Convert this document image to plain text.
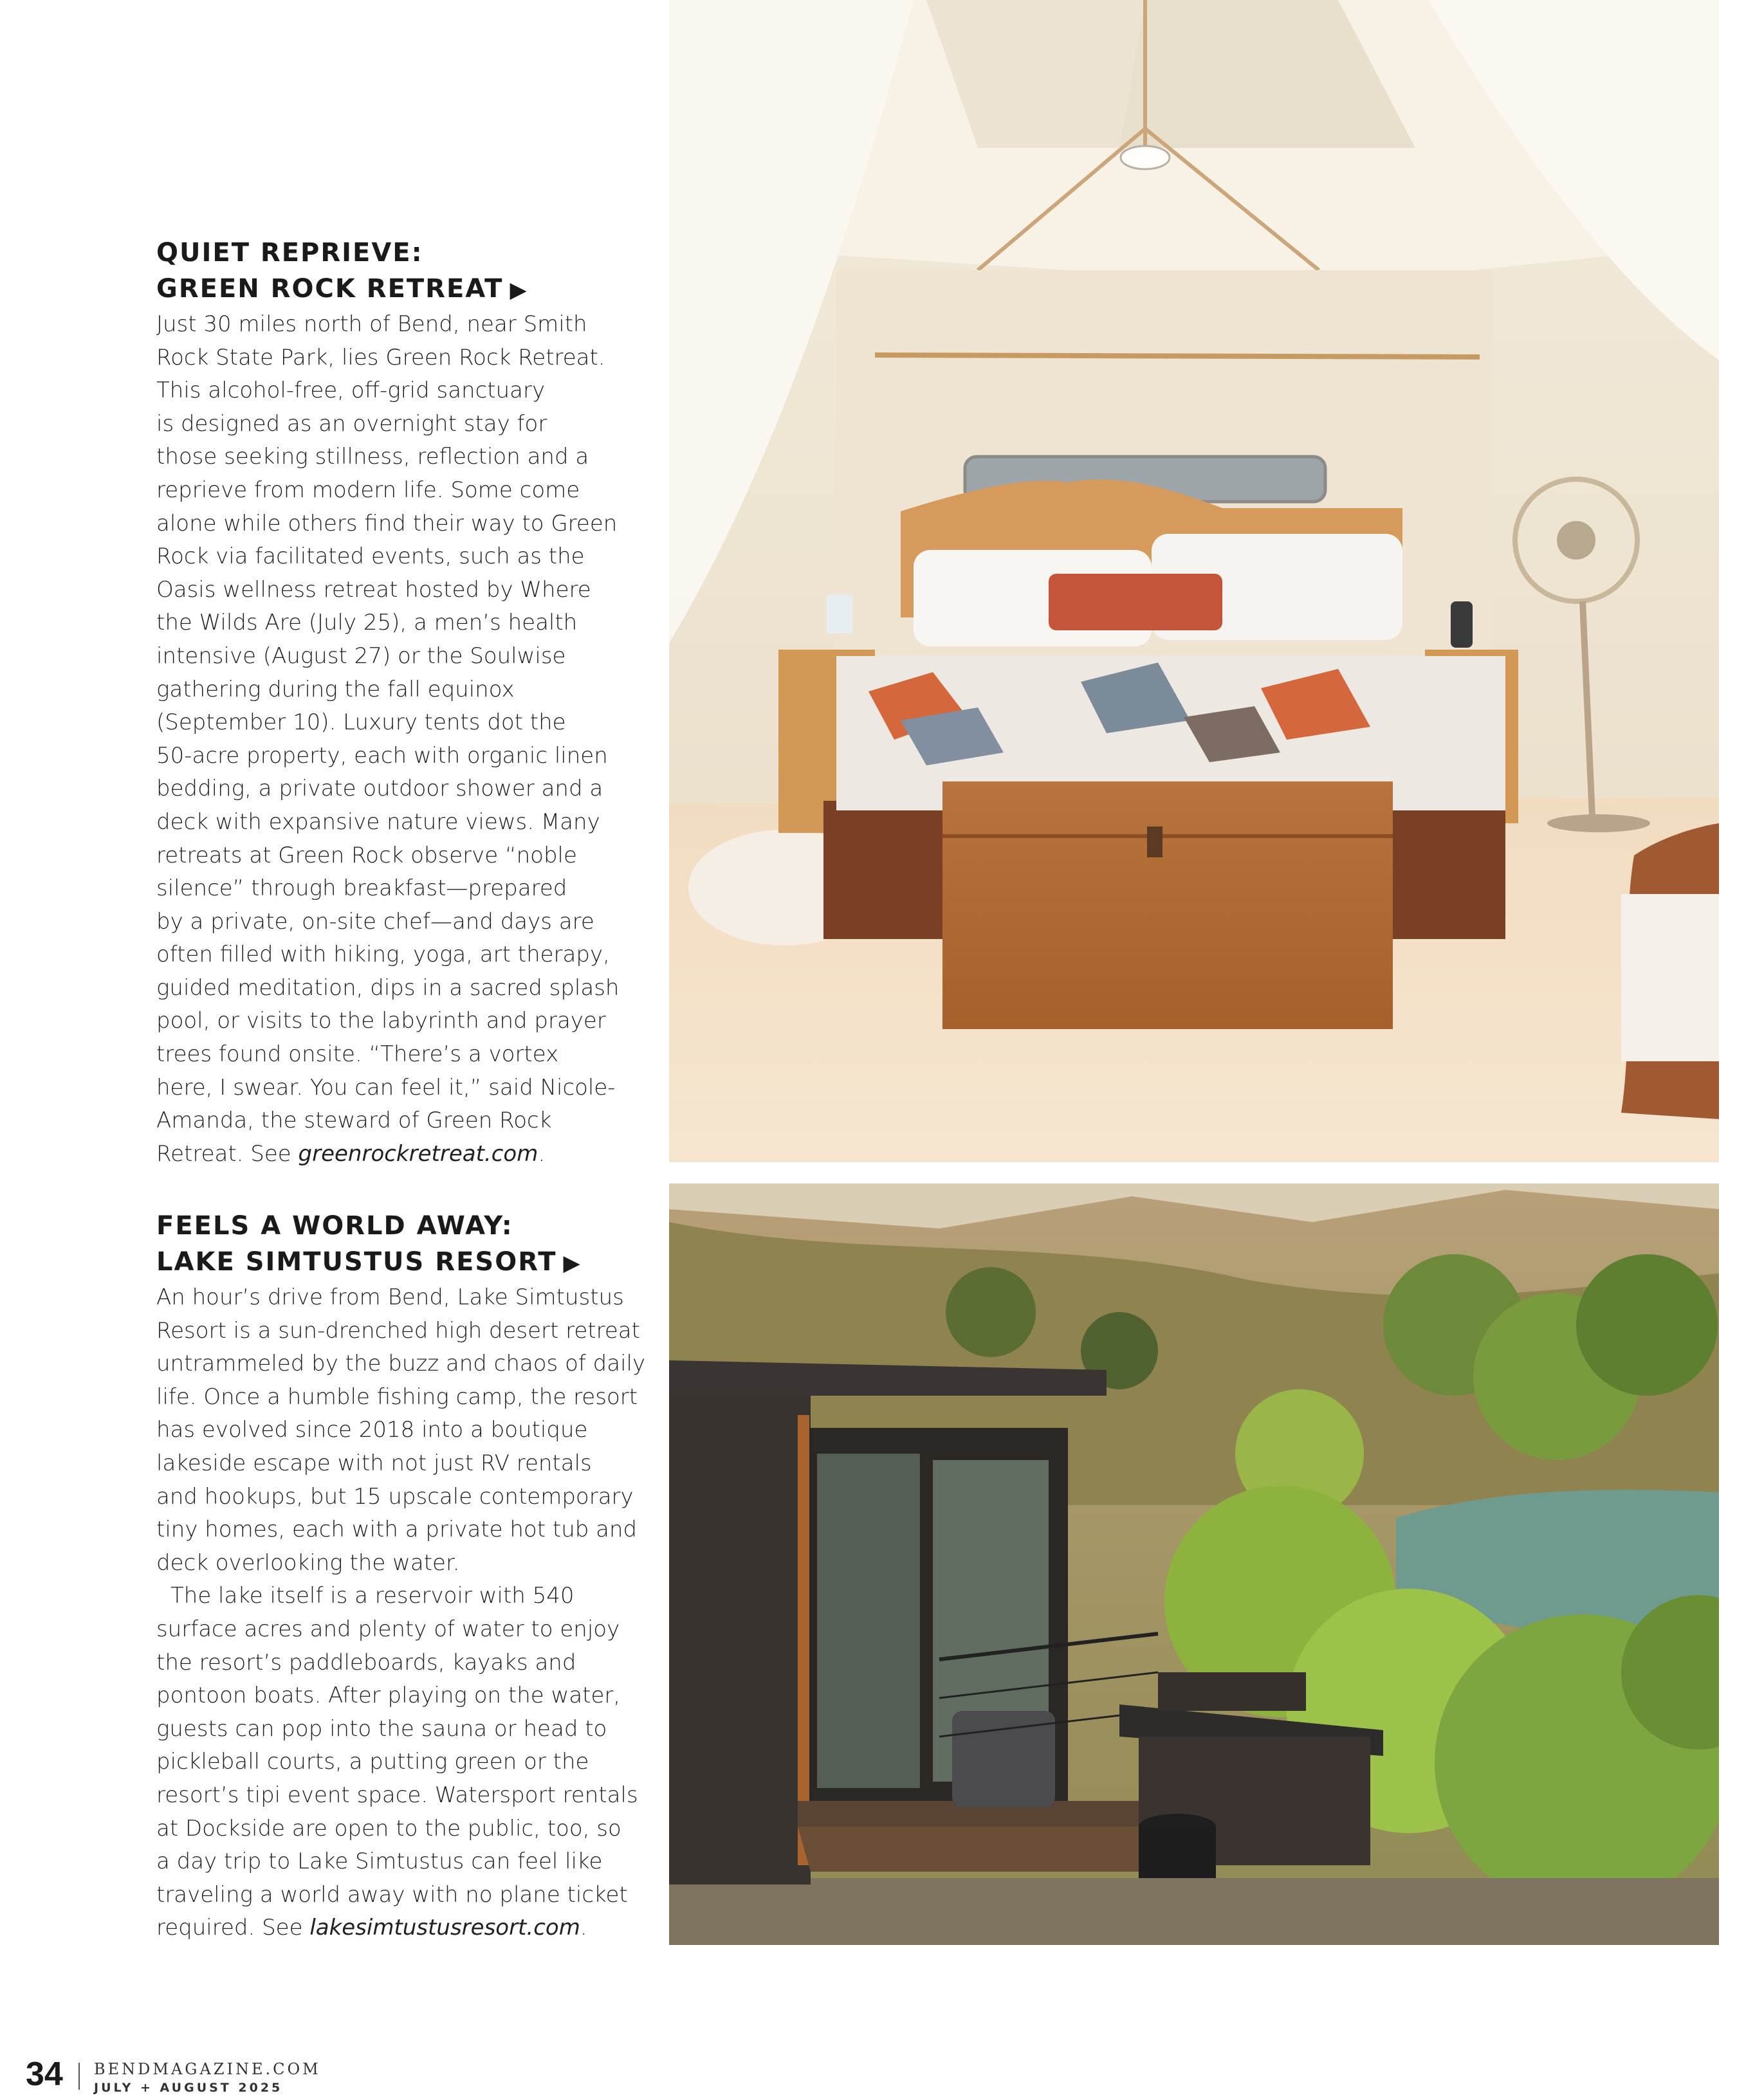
QUIET REPRIEVE:
GREEN ROCK RETREAT ▶
Just 30 miles north of Bend, near Smith
Rock State Park, lies Green Rock Retreat.
This alcohol-free, off-grid sanctuary
is designed as an overnight stay for
those seeking stillness, reflection and a
reprieve from modern life. Some come
alone while others find their way to Green
Rock via facilitated events, such as the
Oasis wellness retreat hosted by Where
the Wilds Are (July 25), a men’s health
intensive (August 27) or the Soulwise
gathering during the fall equinox
(September 10). Luxury tents dot the
50-acre property, each with organic linen
bedding, a private outdoor shower and a
deck with expansive nature views. Many
retreats at Green Rock observe “noble
silence” through breakfast—prepared
by a private, on-site chef—and days are
often filled with hiking, yoga, art therapy,
guided meditation, dips in a sacred splash
pool, or visits to the labyrinth and prayer
trees found onsite. “There’s a vortex
here, I swear. You can feel it,” said Nicole-
Amanda, the steward of Green Rock
Retreat. See greenrockretreat.com.
FEELS A WORLD AWAY:
LAKE SIMTUSTUS RESORT ▶
An hour’s drive from Bend, Lake Simtustus
Resort is a sun-drenched high desert retreat
untrammeled by the buzz and chaos of daily
life. Once a humble fishing camp, the resort
has evolved since 2018 into a boutique
lakeside escape with not just RV rentals
and hookups, but 15 upscale contemporary
tiny homes, each with a private hot tub and
deck overlooking the water.
The lake itself is a reservoir with 540
surface acres and plenty of water to enjoy
the resort’s paddleboards, kayaks and
pontoon boats. After playing on the water,
guests can pop into the sauna or head to
pickleball courts, a putting green or the
resort’s tipi event space. Watersport rentals
at Dockside are open to the public, too, so
a day trip to Lake Simtustus can feel like
traveling a world away with no plane ticket
required. See lakesimtustusresort.com.
34 BENDMAGAZINE.COM
JULY + AUGUST 2025
